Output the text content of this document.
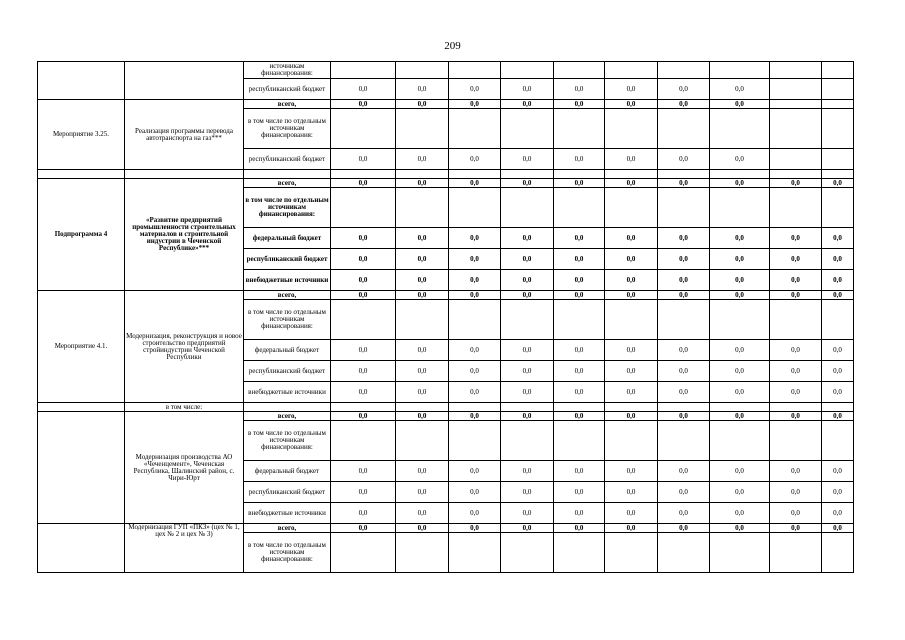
209
		источникам финансирования:										
		республиканский бюджет	0,0	0,0	0,0	0,0	0,0	0,0	0,0	0,0		
Мероприятие 3.25.	Реализация программы перевода автотранспорта на газ***	всего,	0,0	0,0	0,0	0,0	0,0	0,0	0,0	0,0		
		в том числе по отдельным источникам финансирования:										
		республиканский бюджет	0,0	0,0	0,0	0,0	0,0	0,0	0,0	0,0		

Подпрограмма 4	«Развитие предприятий промышленности строительных материалов и строительной индустрии в Чеченской Республике»***	всего,	0,0	0,0	0,0	0,0	0,0	0,0	0,0	0,0	0,0	0,0
		в том числе по отдельным источникам финансирования:										
		федеральный бюджет	0,0	0,0	0,0	0,0	0,0	0,0	0,0	0,0	0,0	0,0
		республиканский бюджет	0,0	0,0	0,0	0,0	0,0	0,0	0,0	0,0	0,0	0,0
		внебюджетные источники	0,0	0,0	0,0	0,0	0,0	0,0	0,0	0,0	0,0	0,0
Мероприятие 4.1.	Модернизация, реконструкция и новое строительство предприятий стройиндустрии Чеченской Республики	всего,	0,0	0,0	0,0	0,0	0,0	0,0	0,0	0,0	0,0	0,0
		в том числе по отдельным источникам финансирования:										
		федеральный бюджет	0,0	0,0	0,0	0,0	0,0	0,0	0,0	0,0	0,0	0,0
		республиканский бюджет	0,0	0,0	0,0	0,0	0,0	0,0	0,0	0,0	0,0	0,0
		внебюджетные источники	0,0	0,0	0,0	0,0	0,0	0,0	0,0	0,0	0,0	0,0
	в том числе:											
	Модернизация производства АО «Чеченцемент», Чеченская Республика, Шалинский район, с. Чири-Юрт	всего,	0,0	0,0	0,0	0,0	0,0	0,0	0,0	0,0	0,0	0,0
		в том числе по отдельным источникам финансирования:										
		федеральный бюджет	0,0	0,0	0,0	0,0	0,0	0,0	0,0	0,0	0,0	0,0
		республиканский бюджет	0,0	0,0	0,0	0,0	0,0	0,0	0,0	0,0	0,0	0,0
		внебюджетные источники	0,0	0,0	0,0	0,0	0,0	0,0	0,0	0,0	0,0	0,0
	Модернизация ГУП «ПКЗ» (цех № 1, цех № 2 и цех № 3)	всего,	0,0	0,0	0,0	0,0	0,0	0,0	0,0	0,0	0,0	0,0
		в том числе по отдельным источникам финансирования:										
